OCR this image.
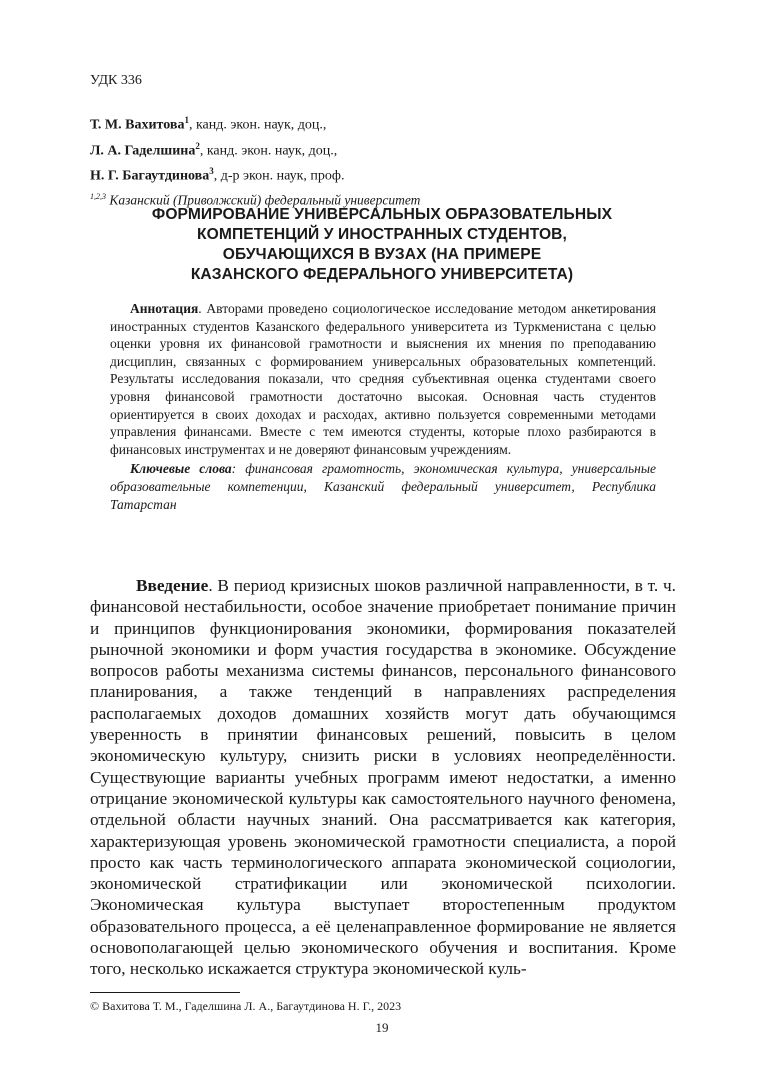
УДК 336
Т. М. Вахитова$^1$, канд. экон. наук, доц.,
Л. А. Гаделшина$^2$, канд. экон. наук, доц.,
Н. Г. Багаутдинова$^3$, д-р экон. наук, проф.
$^{1,2,3}$ Казанский (Приволжский) федеральный университет
ФОРМИРОВАНИЕ УНИВЕРСАЛЬНЫХ ОБРАЗОВАТЕЛЬНЫХ
КОМПЕТЕНЦИЙ У ИНОСТРАННЫХ СТУДЕНТОВ,
ОБУЧАЮЩИХСЯ В ВУЗАХ (НА ПРИМЕРЕ
КАЗАНСКОГО ФЕДЕРАЛЬНОГО УНИВЕРСИТЕТА)

Аннотация. Авторами проведено социологическое исследование методом анкетирования иностранных студентов Казанского федерального университета из Туркменистана с целью оценки уровня их финансовой грамотности и выяснения их мнения по преподаванию дисциплин, связанных с формированием универсальных образовательных компетенций. Результаты исследования показали, что средняя субъективная оценка студентами своего уровня финансовой грамотности достаточно высокая. Основная часть студентов ориентируется в своих доходах и расходах, активно пользуется современными методами управления финансами. Вместе с тем имеются студенты, которые плохо разбираются в финансовых инструментах и не доверяют финансовым учреждениям.

Ключевые слова: финансовая грамотность, экономическая культура, универсальные образовательные компетенции, Казанский федеральный университет, Республика Татарстан

Введение. В период кризисных шоков различной направленности, в т. ч. финансовой нестабильности, особое значение приобретает понимание причин и принципов функционирования экономики, формирования показателей рыночной экономики и форм участия государства в экономике. Обсуждение вопросов работы механизма системы финансов, персонального финансового планирования, а также тенденций в направлениях распределения располагаемых доходов домашних хозяйств могут дать обучающимся уверенность в принятии финансовых решений, повысить в целом экономическую культуру, снизить риски в условиях неопределённости. Существующие варианты учебных программ имеют недостатки, а именно отрицание экономической культуры как самостоятельного научного феномена, отдельной области научных знаний. Она рассматривается как категория, характеризующая уровень экономической грамотности специалиста, а порой просто как часть терминологического аппарата экономической социологии, экономической стратификации или экономической психологии. Экономическая культура выступает второстепенным продуктом образовательного процесса, а её целенаправленное формирование не является основополагающей целью экономического обучения и воспитания. Кроме того, несколько искажается структура экономической куль-

© Вахитова Т. М., Гаделшина Л. А., Багаутдинова Н. Г., 2023
19
